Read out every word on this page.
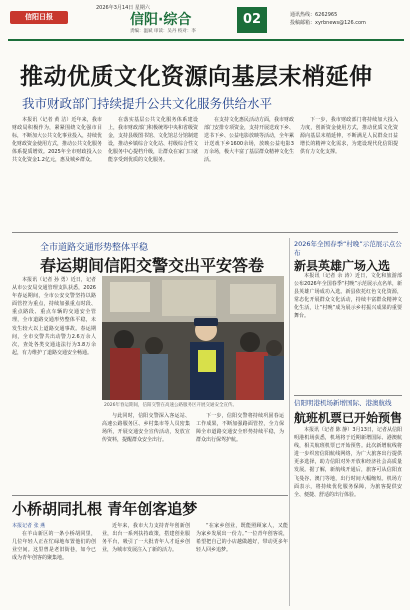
2026年3月14日 星期六
信阳日报	信阳·综合	02
责编：温斌 审读：吴丹 校对：李
通讯热线：6262965
投稿邮箱：xyrbnews@126.com
推动优质文化资源向基层末梢延伸
我市财政部门持续提升公共文化服务供给水平

本报讯（记者 黄 洁）近年来，我市财政局积极作为，紧紧围绕文化强市目标，不断加大公共文化事业投入，持续优化财政资金使用方式，推动公共文化服务体系提质增效。2025年全市财政投入公共文化资金1.2亿元，惠及城乡群众。

在落实基层公共文化服务体系建设上，我市财政部门积极统筹中央和省级资金，支持县级图书馆、文化馆总分馆制建设，推动乡镇综合文化站、村级综合性文化服务中心提档升级，让群众在家门口就能享受到优质的文化服务。

在支持文化惠民活动方面，我市财政部门安排专项资金，支持开展送戏下乡、送书下乡、公益电影放映等活动，全年累计送戏下乡1600余场，放映公益电影3万余场，极大丰富了基层群众精神文化生活。

下一步，我市财政部门将持续加大投入力度，创新资金使用方式，推动优质文化资源向基层末梢延伸，不断满足人民群众日益增长的精神文化需求，为建设现代化信阳提供有力文化支撑。

全市道路交通形势整体平稳
春运期间信阳交警交出平安答卷

本报讯（记者 孙 勇）近日，记者从市公安局交通管理支队获悉，2026年春运期间，全市公安交警坚持以路面管控为重点，持续加强重点时段、重点路段、重点车辆的交通安全管理，全市道路交通形势整体平稳，未发生较大以上道路交通事故。春运期间，全市交警共出动警力2.6万余人次，查处各类交通违法行为3.8万余起，有力维护了道路交通安全畅通。

2026年春运期间，信阳交警在高速公路服务区开展交通安全宣传。

与此同时，信阳交警深入客运站、高速公路服务区、乡村集市等人员密集场所，开展交通安全宣传活动，发放宣传资料，提醒群众安全出行。

下一步，信阳交警将持续巩固春运工作成果，不断加强路面管控，全力保障全市道路交通安全形势持续平稳，为群众出行保驾护航。

2026年全国春季“村晚”示范展示点公布
新县英雄广场入选

本报讯（记者 余 涛）近日，文化和旅游部公布2026年全国春季“村晚”示范展示点名单，新县英雄广场成功入选。新县依托红色文化资源，常态化开展群众文化活动，持续丰富群众精神文化生活，让“村晚”成为展示乡村振兴成果的重要舞台。

信阳明港机场新增国际、港澳航线
航班机票已开始预售

本报讯（记者 陈 静）3月13日，记者从信阳明港机场获悉，机场将于近期新增国际、港澳航线，相关航班机票已开始预售。此次新增航线将进一步织密信阳航线网络，为广大旅客出行提供更多选择，助力信阳对外开放和经济社会高质量发展。据了解，新航线开通后，旅客可从信阳直飞曼谷、澳门等地，出行时间大幅缩短。机场方面表示，将持续优化服务保障，为旅客提供安全、便捷、舒适的出行体验。

小桥胡同扎根 青年创客追梦

本报记者 张 燕

在羊山新区的一条小桥胡同里，几位年轻人正在忙碌地布置他们的创业空间。这里曾是老旧街巷，如今已成为青年创客的聚集地。

近年来，我市大力支持青年创新创业，出台一系列扶持政策，搭建创业服务平台，吸引了一大批青年人才返乡创业，为城市发展注入了新的活力。

“在家乡创业，既能照顾家人，又能为家乡发展出一份力。”一位青年创客说，希望把自己的小店越做越好，带动更多年轻人回乡追梦。
